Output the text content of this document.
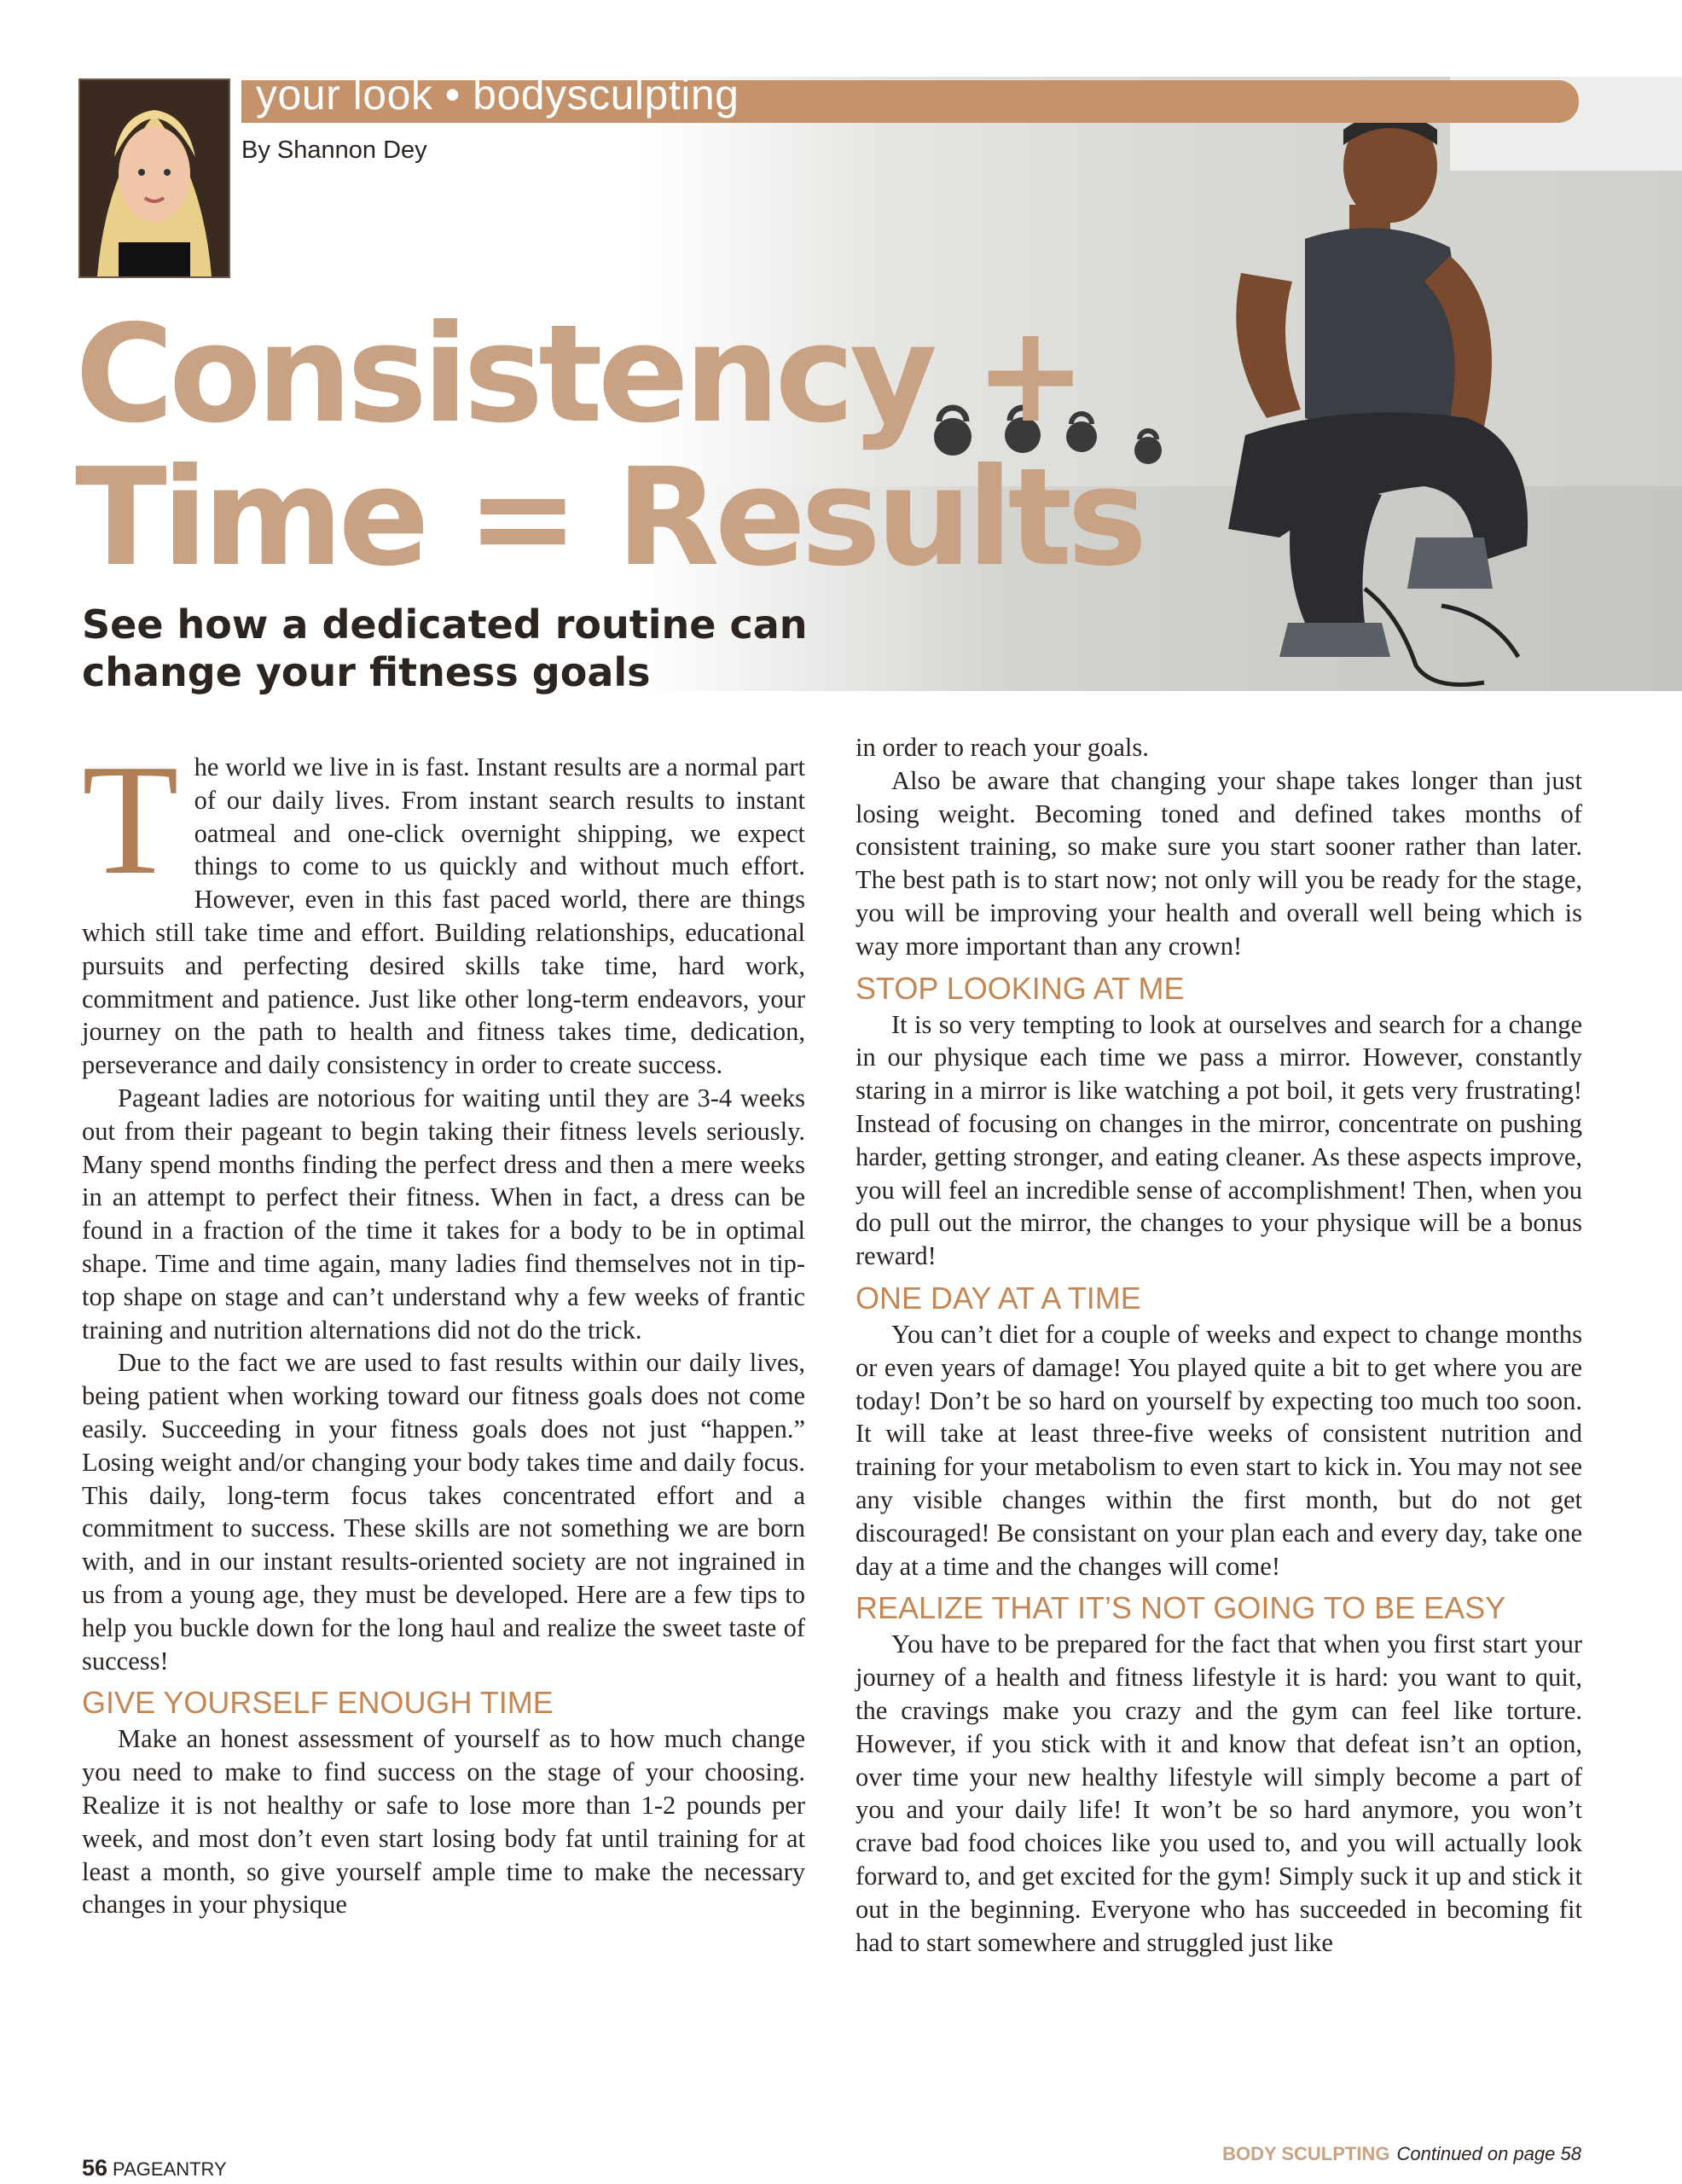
your look • bodysculpting
By Shannon Dey
Consistency +
Time = Results
See how a dedicated routine can
change your fitness goals
T he world we live in is fast. Instant results are a normal part of our daily lives. From instant search results to instant oatmeal and one-click overnight shipping, we expect things to come to us quickly and without much effort. However, even in this fast paced world, there are things which still take time and effort. Building relationships, educational pursuits and perfecting desired skills take time, hard work, commitment and patience. Just like other long-term endeavors, your journey on the path to health and fitness takes time, dedication, perseverance and daily consistency in order to create success.

Pageant ladies are notorious for waiting until they are 3-4 weeks out from their pageant to begin taking their fitness levels seriously. Many spend months finding the perfect dress and then a mere weeks in an attempt to perfect their fitness. When in fact, a dress can be found in a fraction of the time it takes for a body to be in optimal shape. Time and time again, many ladies find themselves not in tip-top shape on stage and can’t understand why a few weeks of frantic training and nutrition alternations did not do the trick.

Due to the fact we are used to fast results within our daily lives, being patient when working toward our fitness goals does not come easily. Succeeding in your fitness goals does not just “happen.” Losing weight and/or changing your body takes time and daily focus. This daily, long-term focus takes concentrated effort and a commitment to success. These skills are not something we are born with, and in our instant results-oriented society are not ingrained in us from a young age, they must be developed. Here are a few tips to help you buckle down for the long haul and realize the sweet taste of success!

GIVE YOURSELF ENOUGH TIME

Make an honest assessment of yourself as to how much change you need to make to find success on the stage of your choosing. Realize it is not healthy or safe to lose more than 1-2 pounds per week, and most don’t even start losing body fat until training for at least a month, so give yourself ample time to make the necessary changes in your physique

in order to reach your goals.

Also be aware that changing your shape takes longer than just losing weight. Becoming toned and defined takes months of consistent training, so make sure you start sooner rather than later. The best path is to start now; not only will you be ready for the stage, you will be improving your health and overall well being which is way more important than any crown!

STOP LOOKING AT ME

It is so very tempting to look at ourselves and search for a change in our physique each time we pass a mirror. However, constantly staring in a mirror is like watching a pot boil, it gets very frustrating! Instead of focusing on changes in the mirror, concentrate on pushing harder, getting stronger, and eating cleaner. As these aspects improve, you will feel an incredible sense of accomplishment! Then, when you do pull out the mirror, the changes to your physique will be a bonus reward!

ONE DAY AT A TIME

You can’t diet for a couple of weeks and expect to change months or even years of damage! You played quite a bit to get where you are today! Don’t be so hard on yourself by expecting too much too soon. It will take at least three-five weeks of consistent nutrition and training for your metabolism to even start to kick in. You may not see any visible changes within the first month, but do not get discouraged! Be consistant on your plan each and every day, take one day at a time and the changes will come!

REALIZE THAT IT’S NOT GOING TO BE EASY

You have to be prepared for the fact that when you first start your journey of a health and fitness lifestyle it is hard: you want to quit, the cravings make you crazy and the gym can feel like torture. However, if you stick with it and know that defeat isn’t an option, over time your new healthy lifestyle will simply become a part of you and your daily life! It won’t be so hard anymore, you won’t crave bad food choices like you used to, and you will actually look forward to, and get excited for the gym! Simply suck it up and stick it out in the beginning. Everyone who has succeeded in becoming fit had to start somewhere and struggled just like

56 PAGEANTRY
BODY SCULPTING Continued on page 58
